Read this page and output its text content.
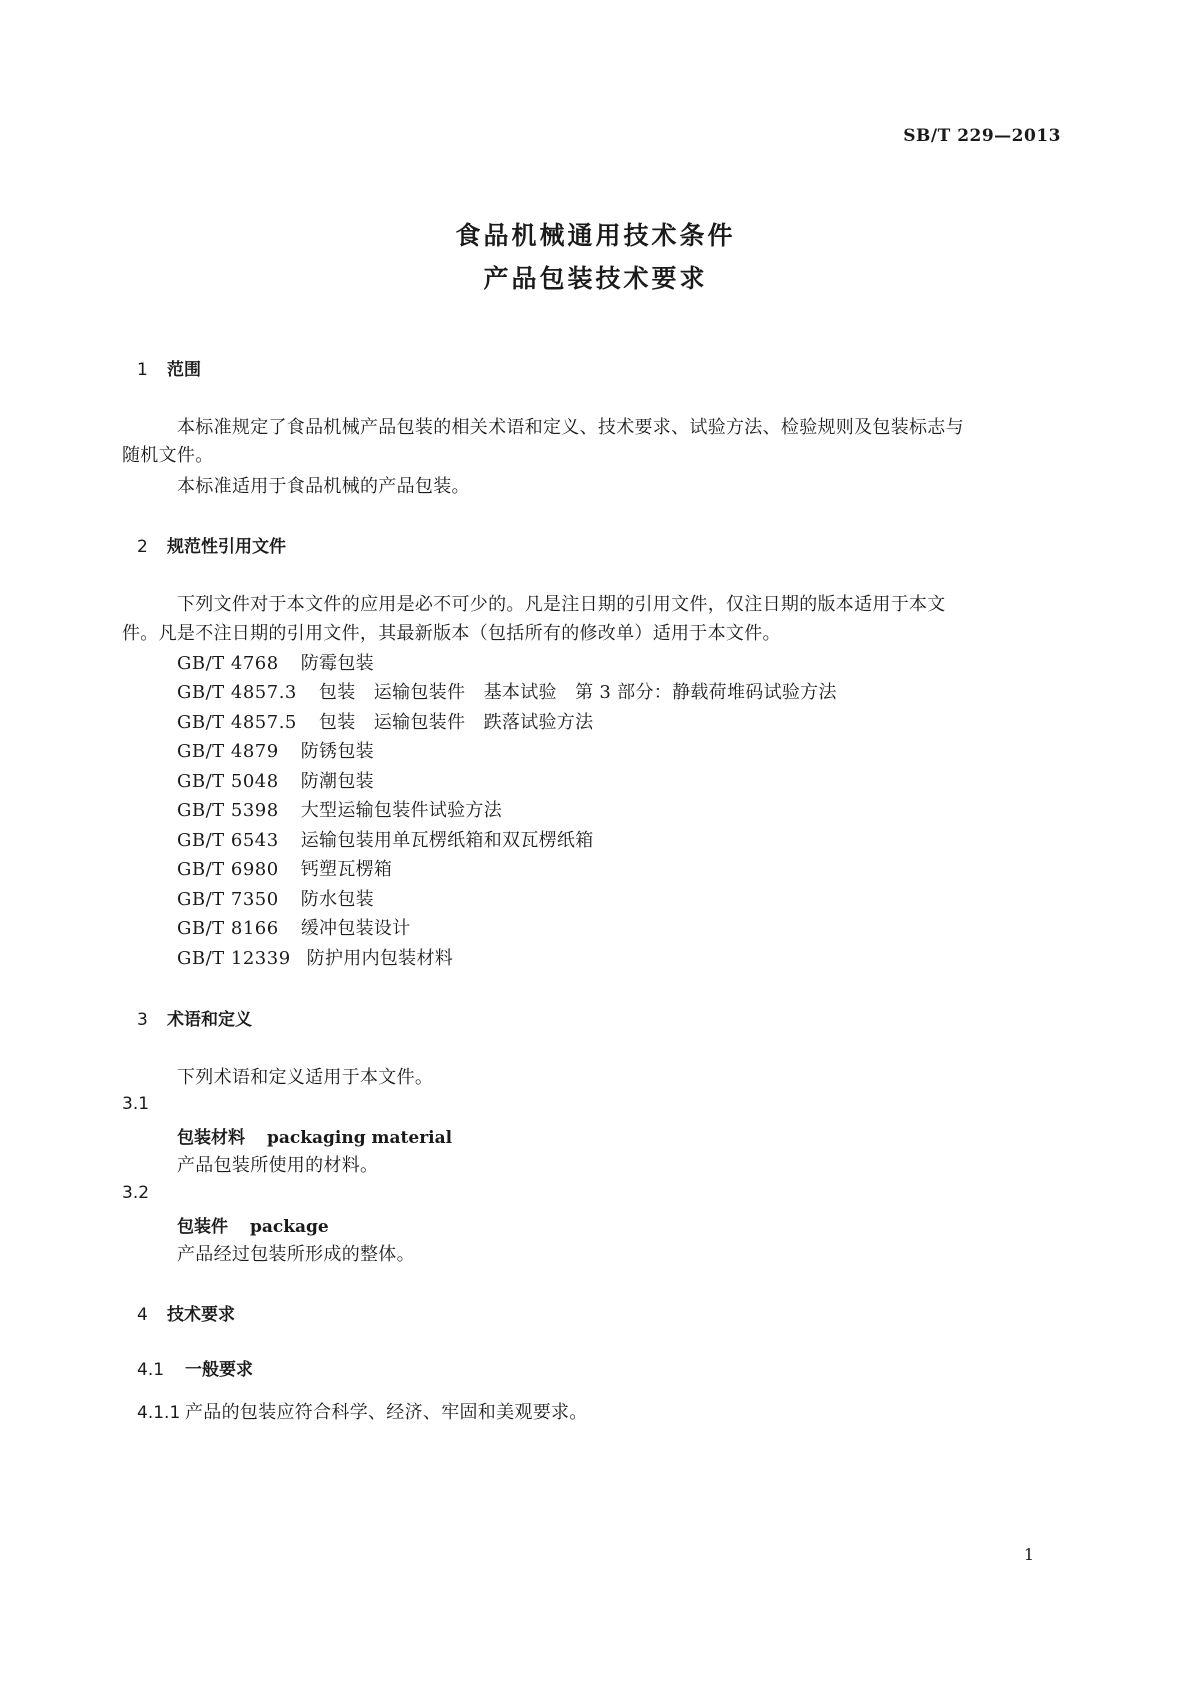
SB/T 229—2013
食品机械通用技术条件
产品包装技术要求
1 范围
本标准规定了食品机械产品包装的相关术语和定义、技术要求、试验方法、检验规则及包装标志与
随机文件。
本标准适用于食品机械的产品包装。
2 规范性引用文件
下列文件对于本文件的应用是必不可少的。凡是注日期的引用文件，仅注日期的版本适用于本文
件。凡是不注日期的引用文件，其最新版本（包括所有的修改单）适用于本文件。
GB/T 4768 防霉包装
GB/T 4857.3 包装　运输包装件　基本试验　第 3 部分：静载荷堆码试验方法
GB/T 4857.5 包装　运输包装件　跌落试验方法
GB/T 4879 防锈包装
GB/T 5048 防潮包装
GB/T 5398 大型运输包装件试验方法
GB/T 6543 运输包装用单瓦楞纸箱和双瓦楞纸箱
GB/T 6980 钙塑瓦楞箱
GB/T 7350 防水包装
GB/T 8166 缓冲包装设计
GB/T 12339 防护用内包装材料
3 术语和定义
下列术语和定义适用于本文件。
3.1
包装材料 packaging material
产品包装所使用的材料。
3.2
包装件 package
产品经过包装所形成的整体。
4 技术要求
4.1 一般要求
4.1.1 产品的包装应符合科学、经济、牢固和美观要求。
1
